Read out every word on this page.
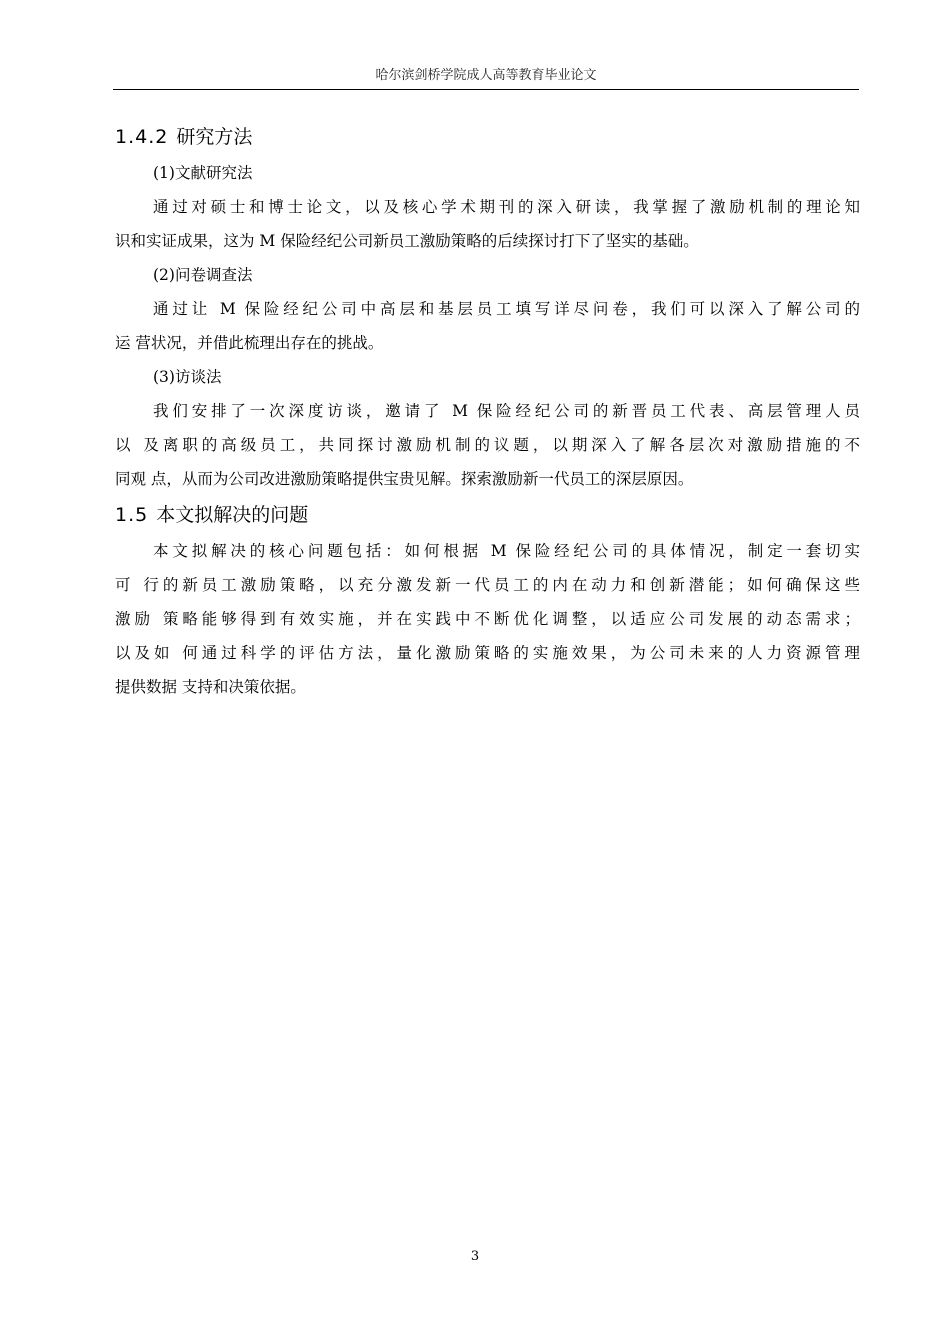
哈尔滨剑桥学院成人高等教育毕业论文
1.4.2 研究方法

(1)文献研究法

通过对硕士和博士论文，以及核心学术期刊的深入研读，我掌握了激励机制的理论知
识和实证成果，这为 M 保险经纪公司新员工激励策略的后续探讨打下了坚实的基础。

(2)问卷调查法

通过让 M 保险经纪公司中高层和基层员工填写详尽问卷，我们可以深入了解公司的
运 营状况，并借此梳理出存在的挑战。

(3)访谈法

我们安排了一次深度访谈，邀请了 M 保险经纪公司的新晋员工代表、高层管理人员
以 及离职的高级员工，共同探讨激励机制的议题，以期深入了解各层次对激励措施的不
同观 点，从而为公司改进激励策略提供宝贵见解。探索激励新一代员工的深层原因。

1.5 本文拟解决的问题

本文拟解决的核心问题包括：如何根据 M 保险经纪公司的具体情况，制定一套切实
可 行的新员工激励策略，以充分激发新一代员工的内在动力和创新潜能；如何确保这些
激励 策略能够得到有效实施，并在实践中不断优化调整，以适应公司发展的动态需求；
以及如 何通过科学的评估方法，量化激励策略的实施效果，为公司未来的人力资源管理
提供数据 支持和决策依据。

3
